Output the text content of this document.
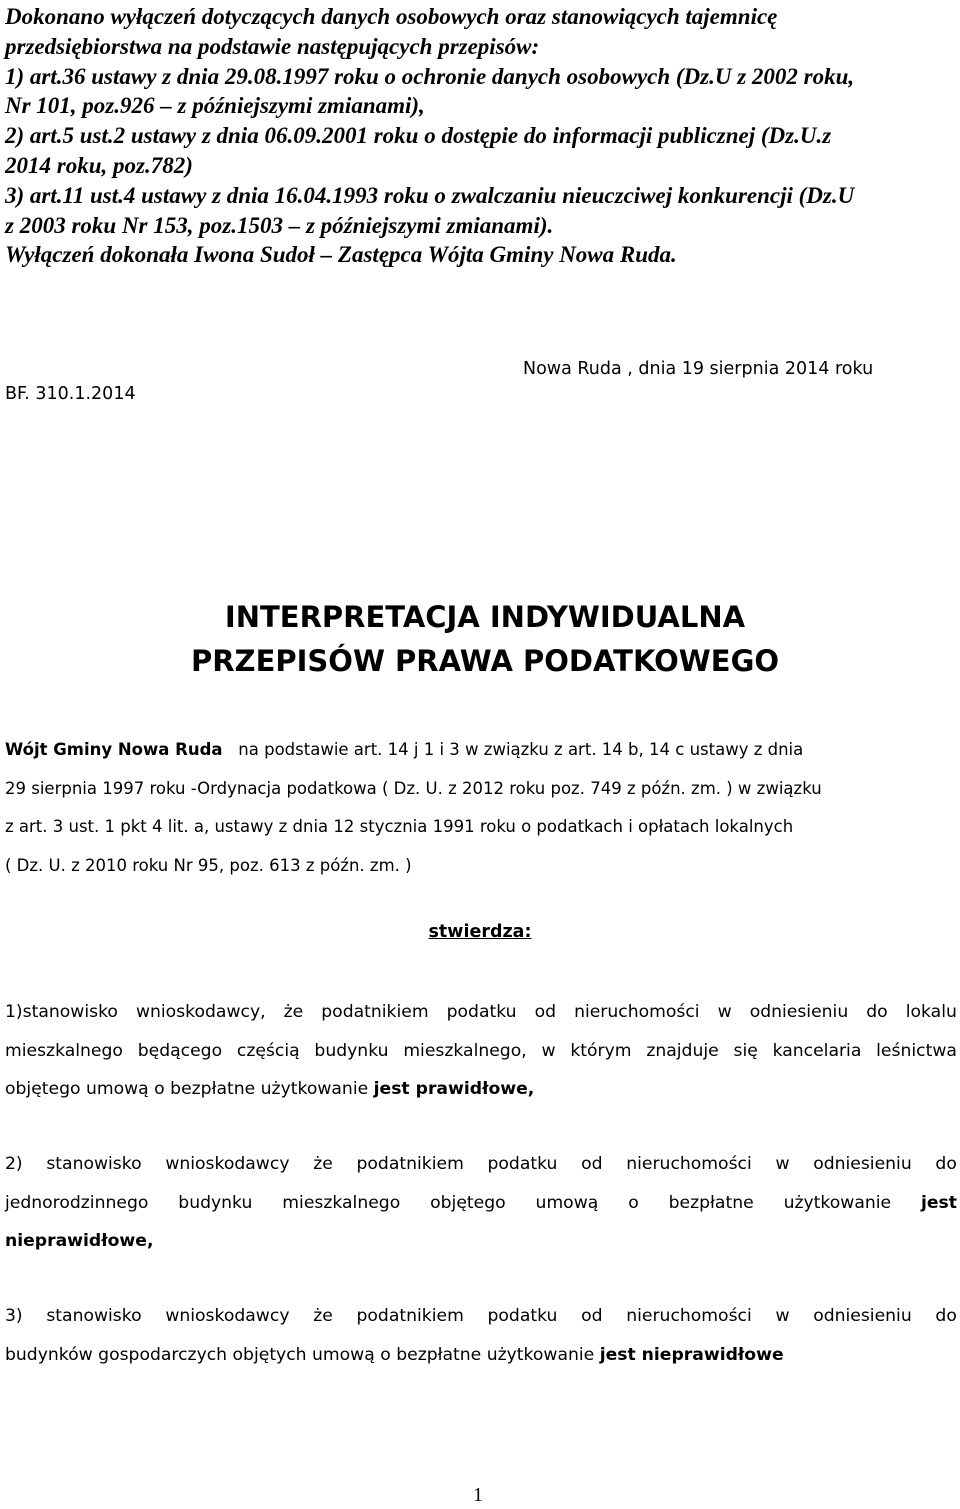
Dokonano wyłączeń dotyczących danych osobowych oraz stanowiących tajemnicę
przedsiębiorstwa na podstawie następujących przepisów:
1) art.36 ustawy z dnia 29.08.1997 roku o ochronie danych osobowych (Dz.U z 2002 roku,
Nr 101, poz.926 – z późniejszymi zmianami),
2) art.5 ust.2 ustawy z dnia 06.09.2001 roku o dostępie do informacji publicznej (Dz.U.z
2014 roku, poz.782)
3) art.11 ust.4 ustawy z dnia 16.04.1993 roku o zwalczaniu nieuczciwej konkurencji (Dz.U
z 2003 roku Nr 153, poz.1503 – z późniejszymi zmianami).
Wyłączeń dokonała Iwona Sudoł – Zastępca Wójta Gminy Nowa Ruda.
Nowa Ruda , dnia 19 sierpnia 2014 roku
BF. 310.1.2014
INTERPRETACJA INDYWIDUALNA
PRZEPISÓW PRAWA PODATKOWEGO
Wójt Gminy Nowa Ruda na podstawie art. 14 j 1 i 3 w związku z art. 14 b, 14 c ustawy z dnia
29 sierpnia 1997 roku -Ordynacja podatkowa ( Dz. U. z 2012 roku poz. 749 z późn. zm. ) w związku
z art. 3 ust. 1 pkt 4 lit. a, ustawy z dnia 12 stycznia 1991 roku o podatkach i opłatach lokalnych
( Dz. U. z 2010 roku Nr 95, poz. 613 z późn. zm. )
stwierdza:
1)stanowisko wnioskodawcy, że podatnikiem podatku od nieruchomości w odniesieniu do lokalu
mieszkalnego będącego częścią budynku mieszkalnego, w którym znajduje się kancelaria leśnictwa
objętego umową o bezpłatne użytkowanie jest prawidłowe,
2) stanowisko wnioskodawcy że podatnikiem podatku od nieruchomości w odniesieniu do
jednorodzinnego budynku mieszkalnego objętego umową o bezpłatne użytkowanie jest
nieprawidłowe,
3) stanowisko wnioskodawcy że podatnikiem podatku od nieruchomości w odniesieniu do
budynków gospodarczych objętych umową o bezpłatne użytkowanie jest nieprawidłowe
1
